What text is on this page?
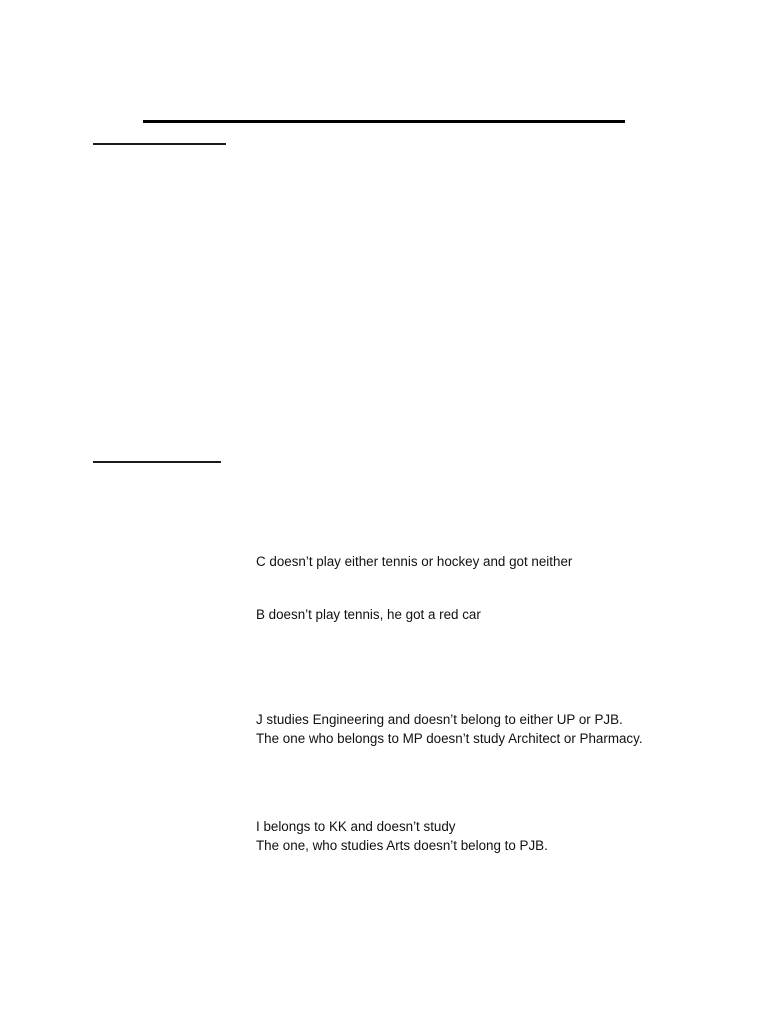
C doesn’t play either tennis or hockey and got neither

B doesn’t play tennis, he got a red car

J studies Engineering and doesn’t belong to either UP or PJB.

The one who belongs to MP doesn’t study Architect or Pharmacy.

I belongs to KK and doesn’t study

The one, who studies Arts doesn’t belong to PJB.
